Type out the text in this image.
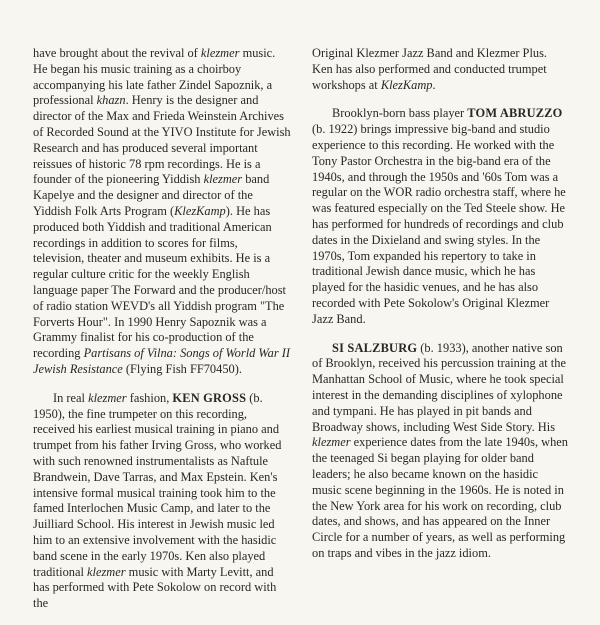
have brought about the revival of klezmer music. He began his music training as a choirboy accompanying his late father Zindel Sapoznik, a professional khazn. Henry is the designer and director of the Max and Frieda Weinstein Archives of Recorded Sound at the YIVO Institute for Jewish Research and has produced several important reissues of historic 78 rpm recordings. He is a founder of the pioneering Yiddish klezmer band Kapelye and the designer and director of the Yiddish Folk Arts Program (KlezKamp). He has produced both Yiddish and traditional American recordings in addition to scores for films, television, theater and museum exhibits. He is a regular culture critic for the weekly English language paper The Forward and the producer/host of radio station WEVD's all Yiddish program "The Forverts Hour". In 1990 Henry Sapoznik was a Grammy finalist for his co-production of the recording Partisans of Vilna: Songs of World War II Jewish Resistance (Flying Fish FF70450).

In real klezmer fashion, KEN GROSS (b. 1950), the fine trumpeter on this recording, received his earliest musical training in piano and trumpet from his father Irving Gross, who worked with such renowned instrumentalists as Naftule Brandwein, Dave Tarras, and Max Epstein. Ken's intensive formal musical training took him to the famed Interlochen Music Camp, and later to the Juilliard School. His interest in Jewish music led him to an extensive involvement with the hasidic band scene in the early 1970s. Ken also played traditional klezmer music with Marty Levitt, and has performed with Pete Sokolow on record with the

Original Klezmer Jazz Band and Klezmer Plus. Ken has also performed and conducted trumpet workshops at KlezKamp.

Brooklyn-born bass player TOM ABRUZZO (b. 1922) brings impressive big-band and studio experience to this recording. He worked with the Tony Pastor Orchestra in the big-band era of the 1940s, and through the 1950s and '60s Tom was a regular on the WOR radio orchestra staff, where he was featured especially on the Ted Steele show. He has performed for hundreds of recordings and club dates in the Dixieland and swing styles. In the 1970s, Tom expanded his repertory to take in traditional Jewish dance music, which he has played for the hasidic venues, and he has also recorded with Pete Sokolow's Original Klezmer Jazz Band.

SI SALZBURG (b. 1933), another native son of Brooklyn, received his percussion training at the Manhattan School of Music, where he took special interest in the demanding disciplines of xylophone and tympani. He has played in pit bands and Broadway shows, including West Side Story. His klezmer experience dates from the late 1940s, when the teenaged Si began playing for older band leaders; he also became known on the hasidic music scene beginning in the 1960s. He is noted in the New York area for his work on recording, club dates, and shows, and has appeared on the Inner Circle for a number of years, as well as performing on traps and vibes in the jazz idiom.
